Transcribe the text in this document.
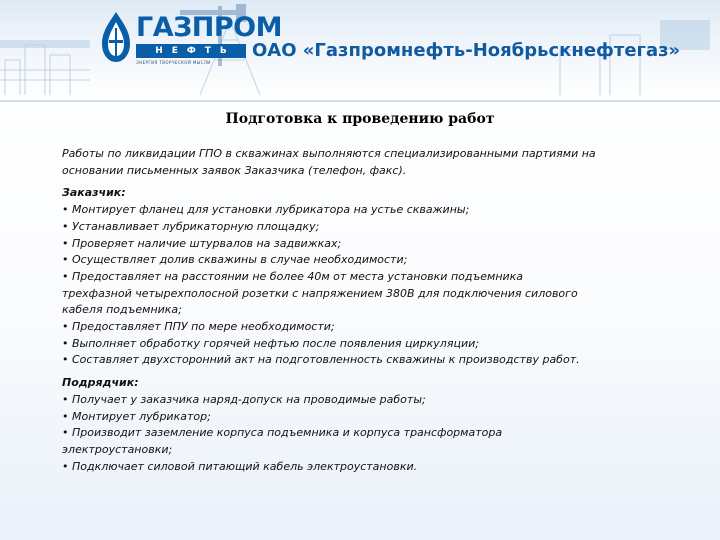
ГАЗПРОМ
НЕФТЬ
ЭНЕРГИЯ ТВОРЧЕСКОЙ МЫСЛИ
ОАО «Газпромнефть-Ноябрьскнефтегаз»
Подготовка к проведению работ

Работы по ликвидации ГПО в скважинах выполняются специализированными партиями на
основании письменных заявок Заказчика (телефон, факс).

Заказчик:
• Монтирует фланец для установки лубрикатора на устье скважины;
• Устанавливает лубрикаторную площадку;
• Проверяет наличие штурвалов на задвижках;
• Осуществляет долив скважины в случае необходимости;
• Предоставляет на расстоянии не более 40м от места установки подъемника
трехфазной четырехполосной розетки с напряжением 380В для подключения силового
кабеля подъемника;
• Предоставляет ППУ по мере необходимости;
• Выполняет обработку горячей нефтью после появления циркуляции;
• Составляет двухсторонний акт на подготовленность скважины к производству работ.
Подрядчик:
• Получает у заказчика наряд-допуск на проводимые работы;
• Монтирует лубрикатор;
• Производит заземление корпуса подъемника и корпуса трансформатора
электроустановки;
• Подключает силовой питающий кабель электроустановки.
